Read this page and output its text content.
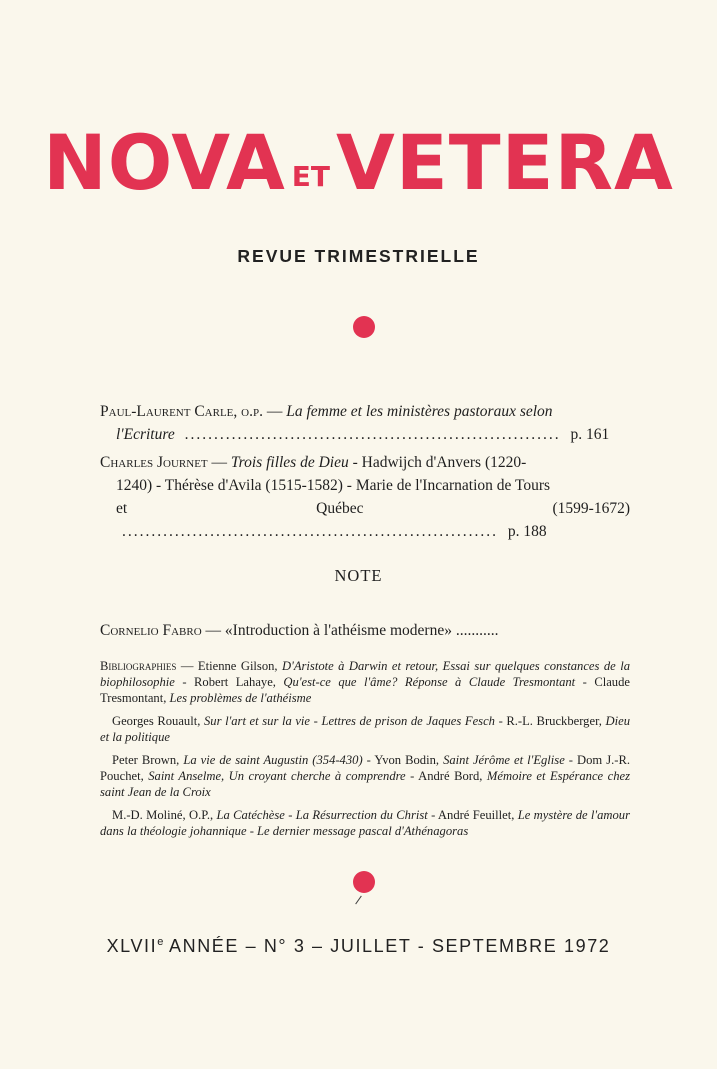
NOVA ETVETERA
REVUE TRIMESTRIELLE
Paul-Laurent Carle, o.p. — La femme et les ministères pastoraux selon
l'Ecriture ................................................................ p. 161
Charles Journet — Trois filles de Dieu - Hadwijch d'Anvers (1220-
1240) - Thérèse d'Avila (1515-1582) - Marie de l'Incarnation de Tours
et Québec (1599-1672) ................................................................ p. 188
NOTE
Cornelio Fabro — «Introduction à l'athéisme moderne» ...........

Bibliographies — Etienne Gilson, D'Aristote à Darwin et retour, Essai sur quelques constances de la biophilosophie - Robert Lahaye, Qu'est-ce que l'âme? Réponse à Claude Tresmontant - Claude Tresmontant, Les problèmes de l'athéisme

Georges Rouault, Sur l'art et sur la vie - Lettres de prison de Jaques Fesch - R.-L. Bruckberger, Dieu et la politique

Peter Brown, La vie de saint Augustin (354-430) - Yvon Bodin, Saint Jérôme et l'Eglise - Dom J.-R. Pouchet, Saint Anselme, Un croyant cherche à comprendre - André Bord, Mémoire et Espérance chez saint Jean de la Croix

M.-D. Moliné, O.P., La Catéchèse - La Résurrection du Christ - André Feuillet, Le mystère de l'amour dans la théologie johannique - Le dernier message pascal d'Athénagoras

XLVIIe ANNÉE – N° 3 – JUILLET - SEPTEMBRE 1972
